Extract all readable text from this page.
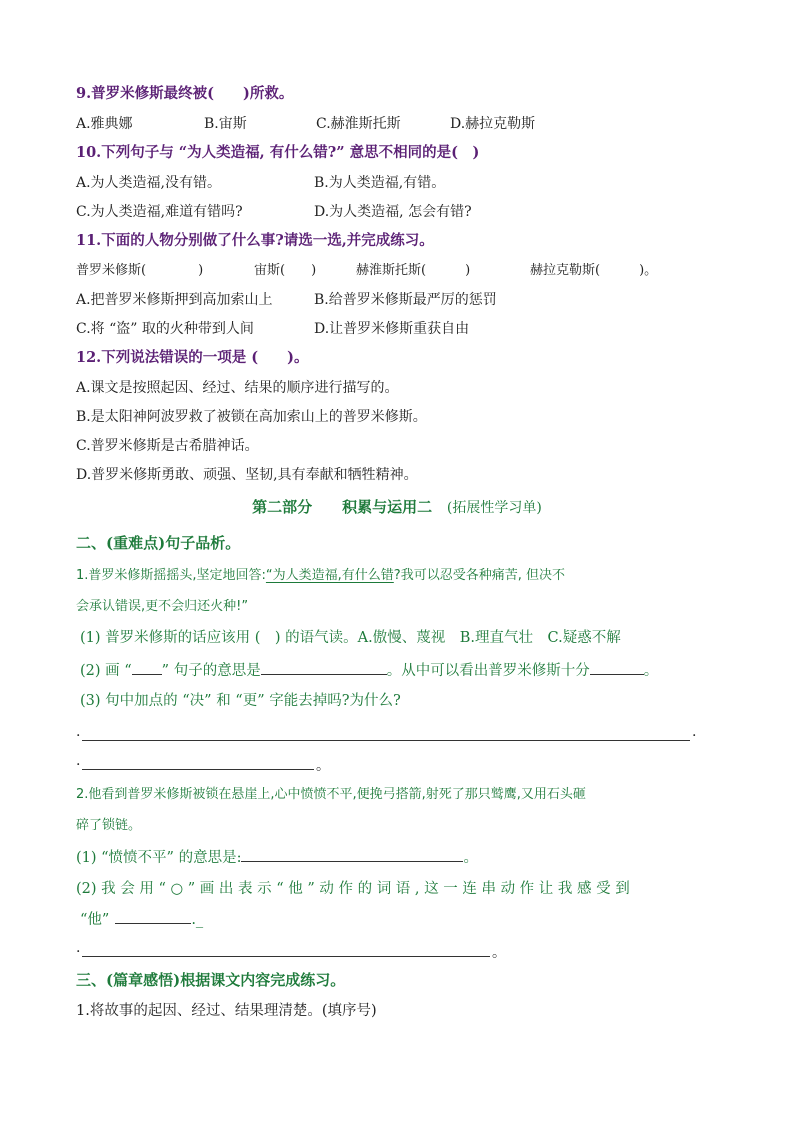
9.普罗米修斯最终被(　　)所救。
A.雅典娜	B.宙斯	C.赫淮斯托斯	D.赫拉克勒斯
10.下列句子与 “为人类造福, 有什么错?” 意思不相同的是(　)
A.为人类造福,没有错。	B.为人类造福,有错。
C.为人类造福,难道有错吗?	D.为人类造福, 怎会有错?
11.下面的人物分别做了什么事?请选一选,并完成练习。
普罗米修斯(　　　　)	宙斯(　　)	赫淮斯托斯(　　　)	赫拉克勒斯(　　　)。
A.把普罗米修斯押到高加索山上	B.给普罗米修斯最严厉的惩罚
C.将 “盗” 取的火种带到人间	D.让普罗米修斯重获自由
12.下列说法错误的一项是 (　　)。
A.课文是按照起因、经过、结果的顺序进行描写的。
B.是太阳神阿波罗救了被锁在高加索山上的普罗米修斯。
C.普罗米修斯是古希腊神话。
D.普罗米修斯勇敢、顽强、坚韧,具有奉献和牺牲精神。
第二部分　　积累与运用二 (拓展性学习单)
二、(重难点)句子品析。
1.普罗米修斯摇摇头,坚定地回答:“为人类造福,有什么错?我可以忍受各种痛苦, 但决不
会承认错误,更不会归还火种!”
(1) 普罗米修斯的话应该用 (　) 的语气读。A.傲慢、蔑视　B.理直气壮　C.疑惑不解
(2) 画 “ ” 句子的意思是	。从中可以看出普罗米修斯十分	。
(3) 句中加点的 “决” 和 “更” 字能去掉吗?为什么?
.	.
.	。
2.他看到普罗米修斯被锁在悬崖上,心中愤愤不平,便挽弓搭箭,射死了那只鹫鹰,又用石头砸
碎了锁链。
(1) “愤愤不平” 的意思是:	。
(2) 我 会 用 “ ○ ” 画 出 表 示 “ 他 ” 动 作 的 词 语 , 这 一 连 串 动 作 让 我 感 受 到
“他”	._
.	。
三、(篇章感悟)根据课文内容完成练习。
1.将故事的起因、经过、结果理清楚。(填序号)
